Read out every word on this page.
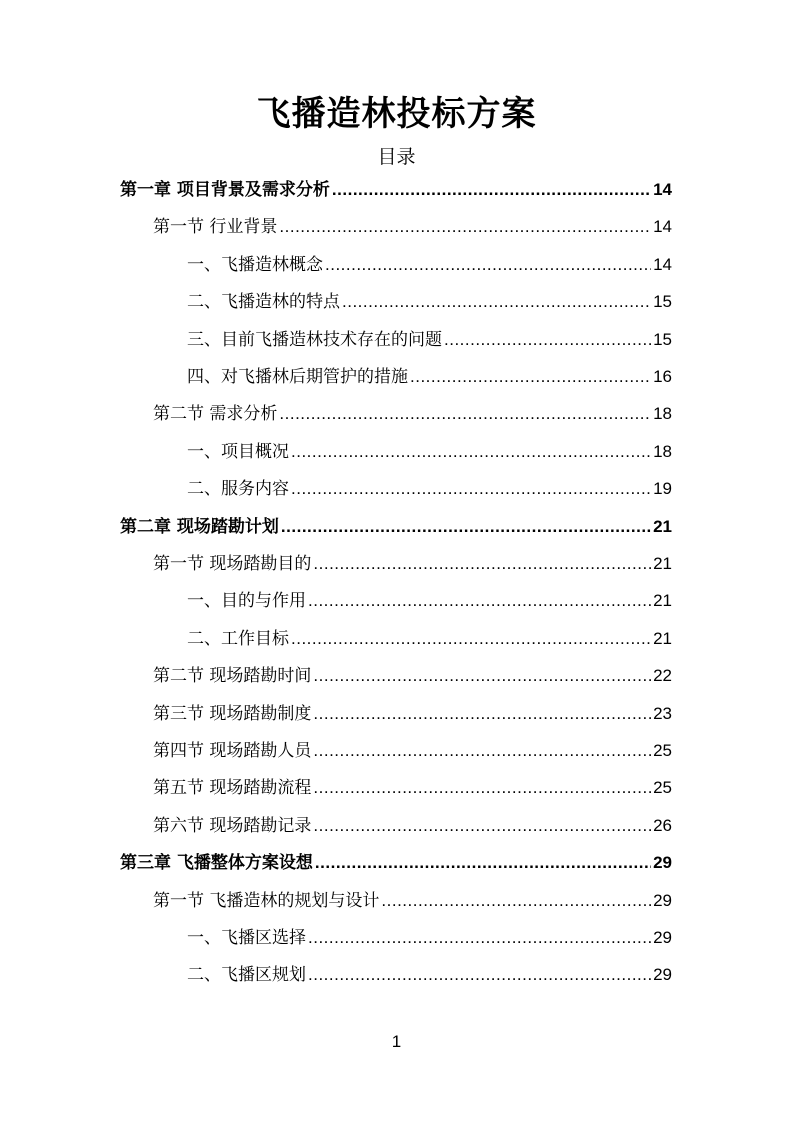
飞播造林投标方案
目录
第一章 项目背景及需求分析 .....	14
第一节 行业背景 .....	14
一、飞播造林概念 .....	14
二、飞播造林的特点 .....	15
三、目前飞播造林技术存在的问题 .....	15
四、对飞播林后期管护的措施 .....	16
第二节 需求分析 .....	18
一、项目概况 .....	18
二、服务内容 .....	19
第二章 现场踏勘计划 .....	21
第一节 现场踏勘目的 .....	21
一、目的与作用 .....	21
二、工作目标 .....	21
第二节 现场踏勘时间 .....	22
第三节 现场踏勘制度 .....	23
第四节 现场踏勘人员 .....	25
第五节 现场踏勘流程 .....	25
第六节 现场踏勘记录 .....	26
第三章 飞播整体方案设想 .....	29
第一节 飞播造林的规划与设计 .....	29
一、飞播区选择 .....	29
二、飞播区规划 .....	29
1
